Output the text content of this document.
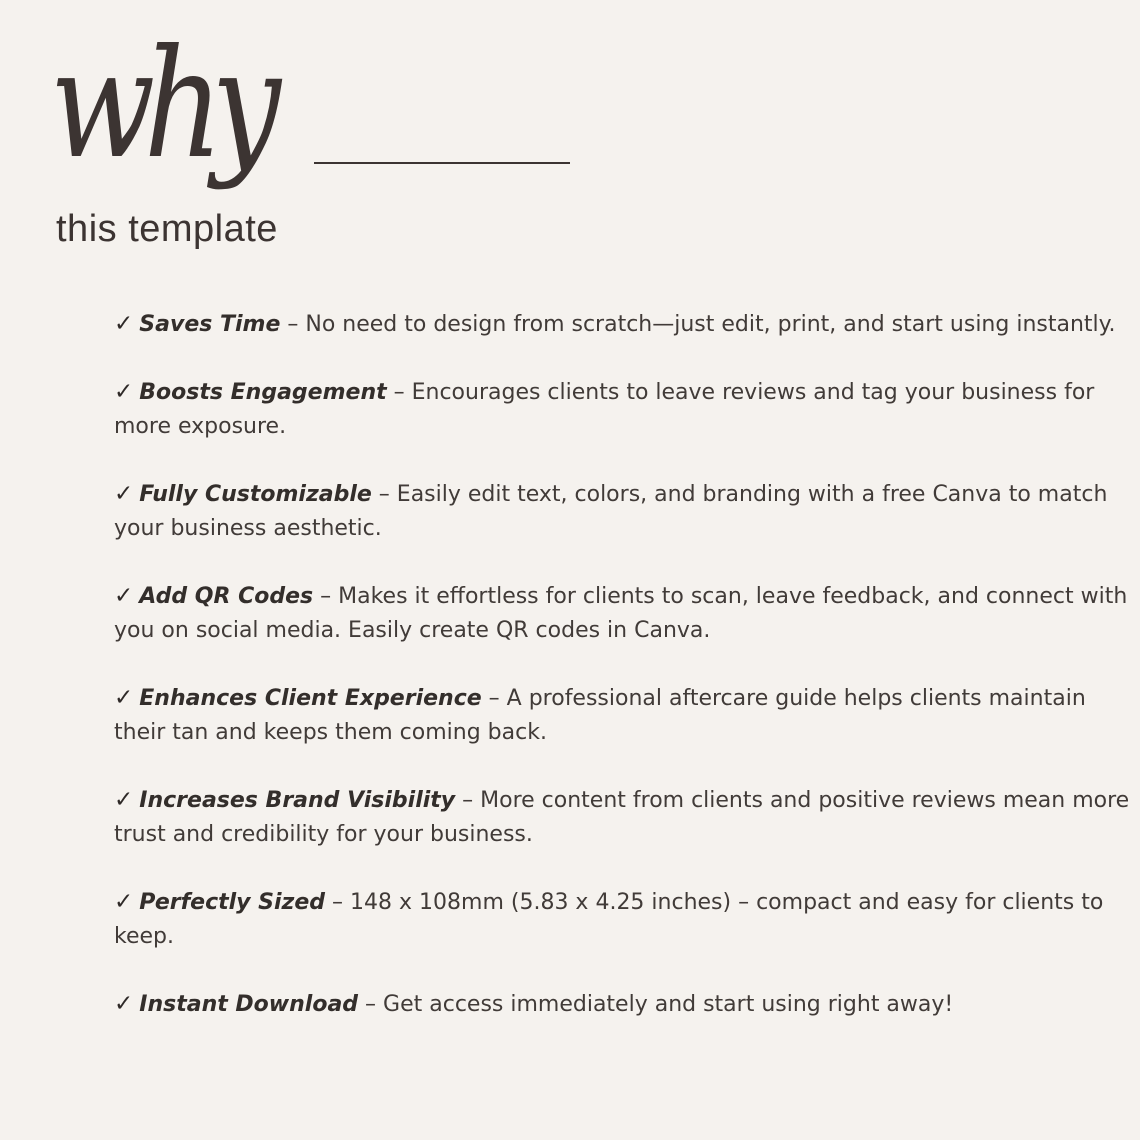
why
this template
✓ Saves Time – No need to design from scratch—just edit, print, and start using instantly.
✓ Boosts Engagement – Encourages clients to leave reviews and tag your business for more exposure.
✓ Fully Customizable – Easily edit text, colors, and branding with a free Canva to match your business aesthetic.
✓ Add QR Codes – Makes it effortless for clients to scan, leave feedback, and connect with you on social media. Easily create QR codes in Canva.
✓ Enhances Client Experience – A professional aftercare guide helps clients maintain their tan and keeps them coming back.
✓ Increases Brand Visibility – More content from clients and positive reviews mean more trust and credibility for your business.
✓ Perfectly Sized – 148 x 108mm (5.83 x 4.25 inches) – compact and easy for clients to keep.
✓ Instant Download – Get access immediately and start using right away!
